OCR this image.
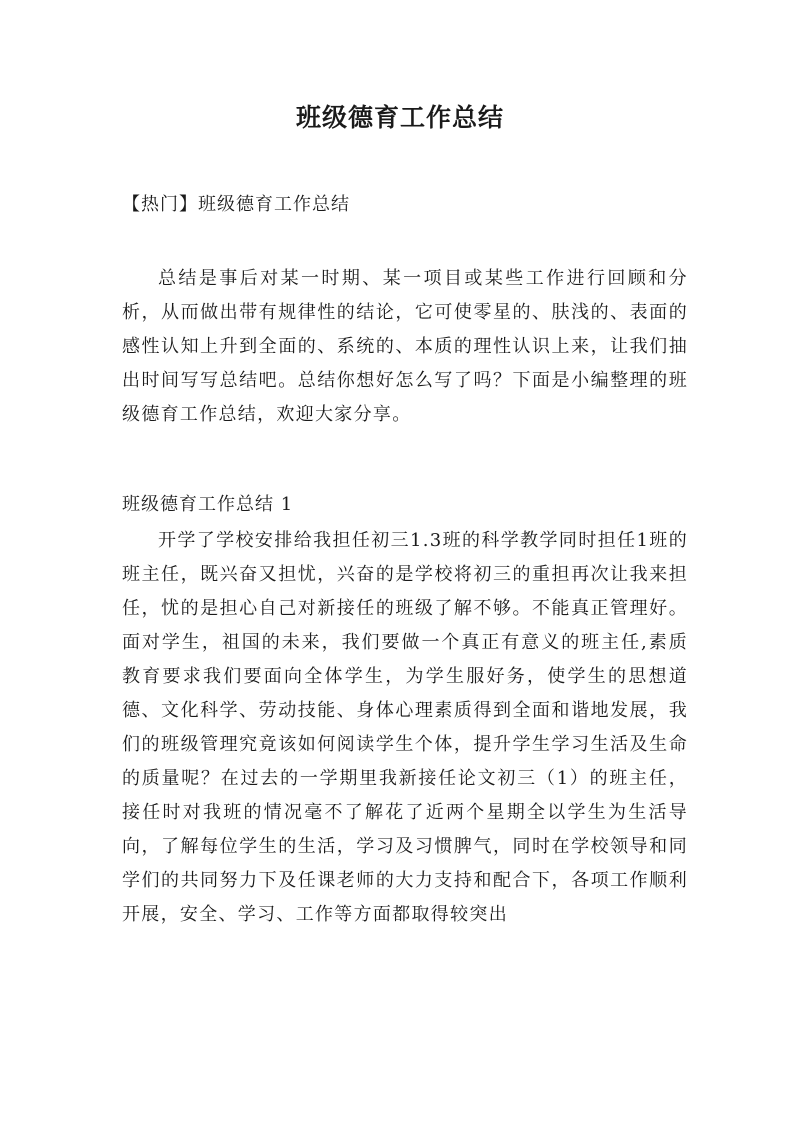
班级德育工作总结

【热门】班级德育工作总结

总结是事后对某一时期、某一项目或某些工作进行回顾和分析，从而做出带有规律性的结论，它可使零星的、肤浅的、表面的感性认知上升到全面的、系统的、本质的理性认识上来，让我们抽出时间写写总结吧。总结你想好怎么写了吗？下面是小编整理的班级德育工作总结，欢迎大家分享。

班级德育工作总结 1

开学了学校安排给我担任初三1.3班的科学教学同时担任1班的班主任，既兴奋又担忧，兴奋的是学校将初三的重担再次让我来担任，忧的是担心自己对新接任的班级了解不够。不能真正管理好。面对学生，祖国的未来，我们要做一个真正有意义的班主任,素质教育要求我们要面向全体学生，为学生服好务，使学生的思想道德、文化科学、劳动技能、身体心理素质得到全面和谐地发展，我们的班级管理究竟该如何阅读学生个体，提升学生学习生活及生命的质量呢？在过去的一学期里我新接任论文初三（1）的班主任，接任时对我班的情况毫不了解花了近两个星期全以学生为生活导向，了解每位学生的生活，学习及习惯脾气，同时在学校领导和同学们的共同努力下及任课老师的大力支持和配合下，各项工作顺利开展，安全、学习、工作等方面都取得较突出
